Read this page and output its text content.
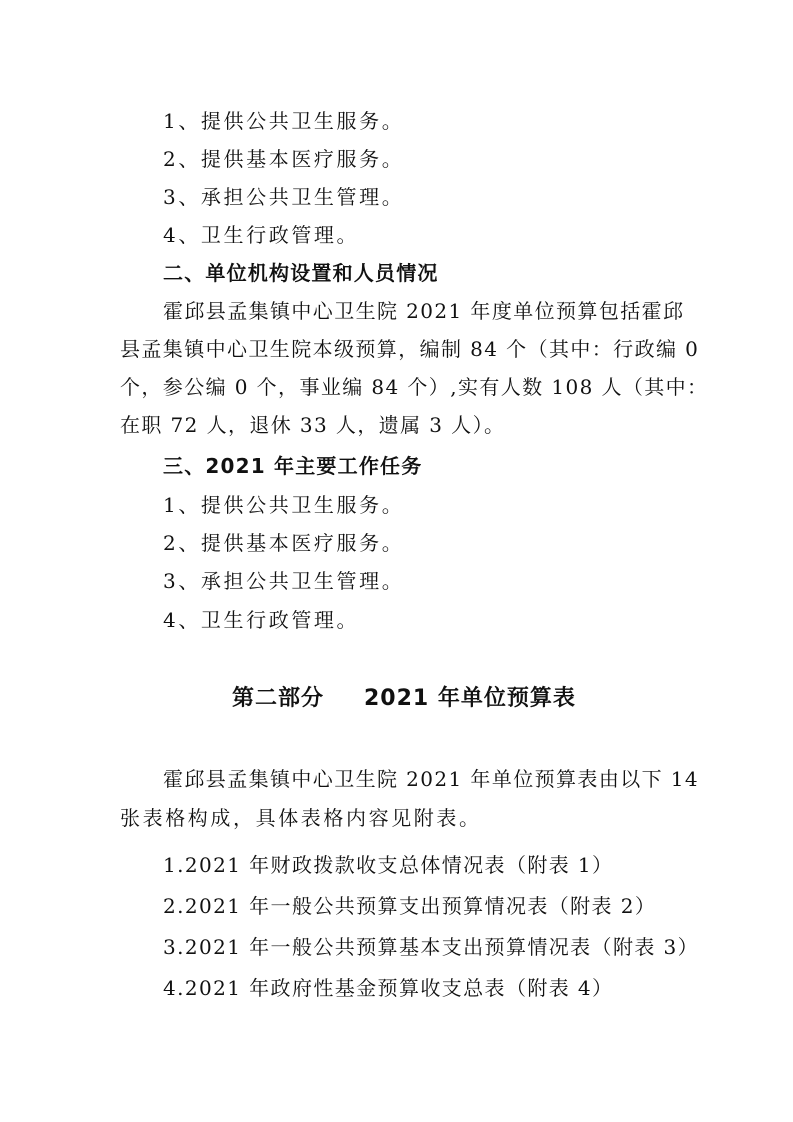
1、提供公共卫生服务。
2、提供基本医疗服务。
3、承担公共卫生管理。
4、卫生行政管理。
二、单位机构设置和人员情况
霍邱县孟集镇中心卫生院 2021 年度单位预算包括霍邱
县孟集镇中心卫生院本级预算，编制 84 个（其中：行政编 0
个，参公编 0 个，事业编 84 个）,实有人数 108 人（其中：
在职 72 人，退休 33 人，遗属 3 人）。
三、2021 年主要工作任务
1、提供公共卫生服务。
2、提供基本医疗服务。
3、承担公共卫生管理。
4、卫生行政管理。
第二部分 2021 年单位预算表
霍邱县孟集镇中心卫生院 2021 年单位预算表由以下 14
张表格构成，具体表格内容见附表。
1.2021 年财政拨款收支总体情况表（附表 1）
2.2021 年一般公共预算支出预算情况表（附表 2）
3.2021 年一般公共预算基本支出预算情况表（附表 3）
4.2021 年政府性基金预算收支总表（附表 4）
